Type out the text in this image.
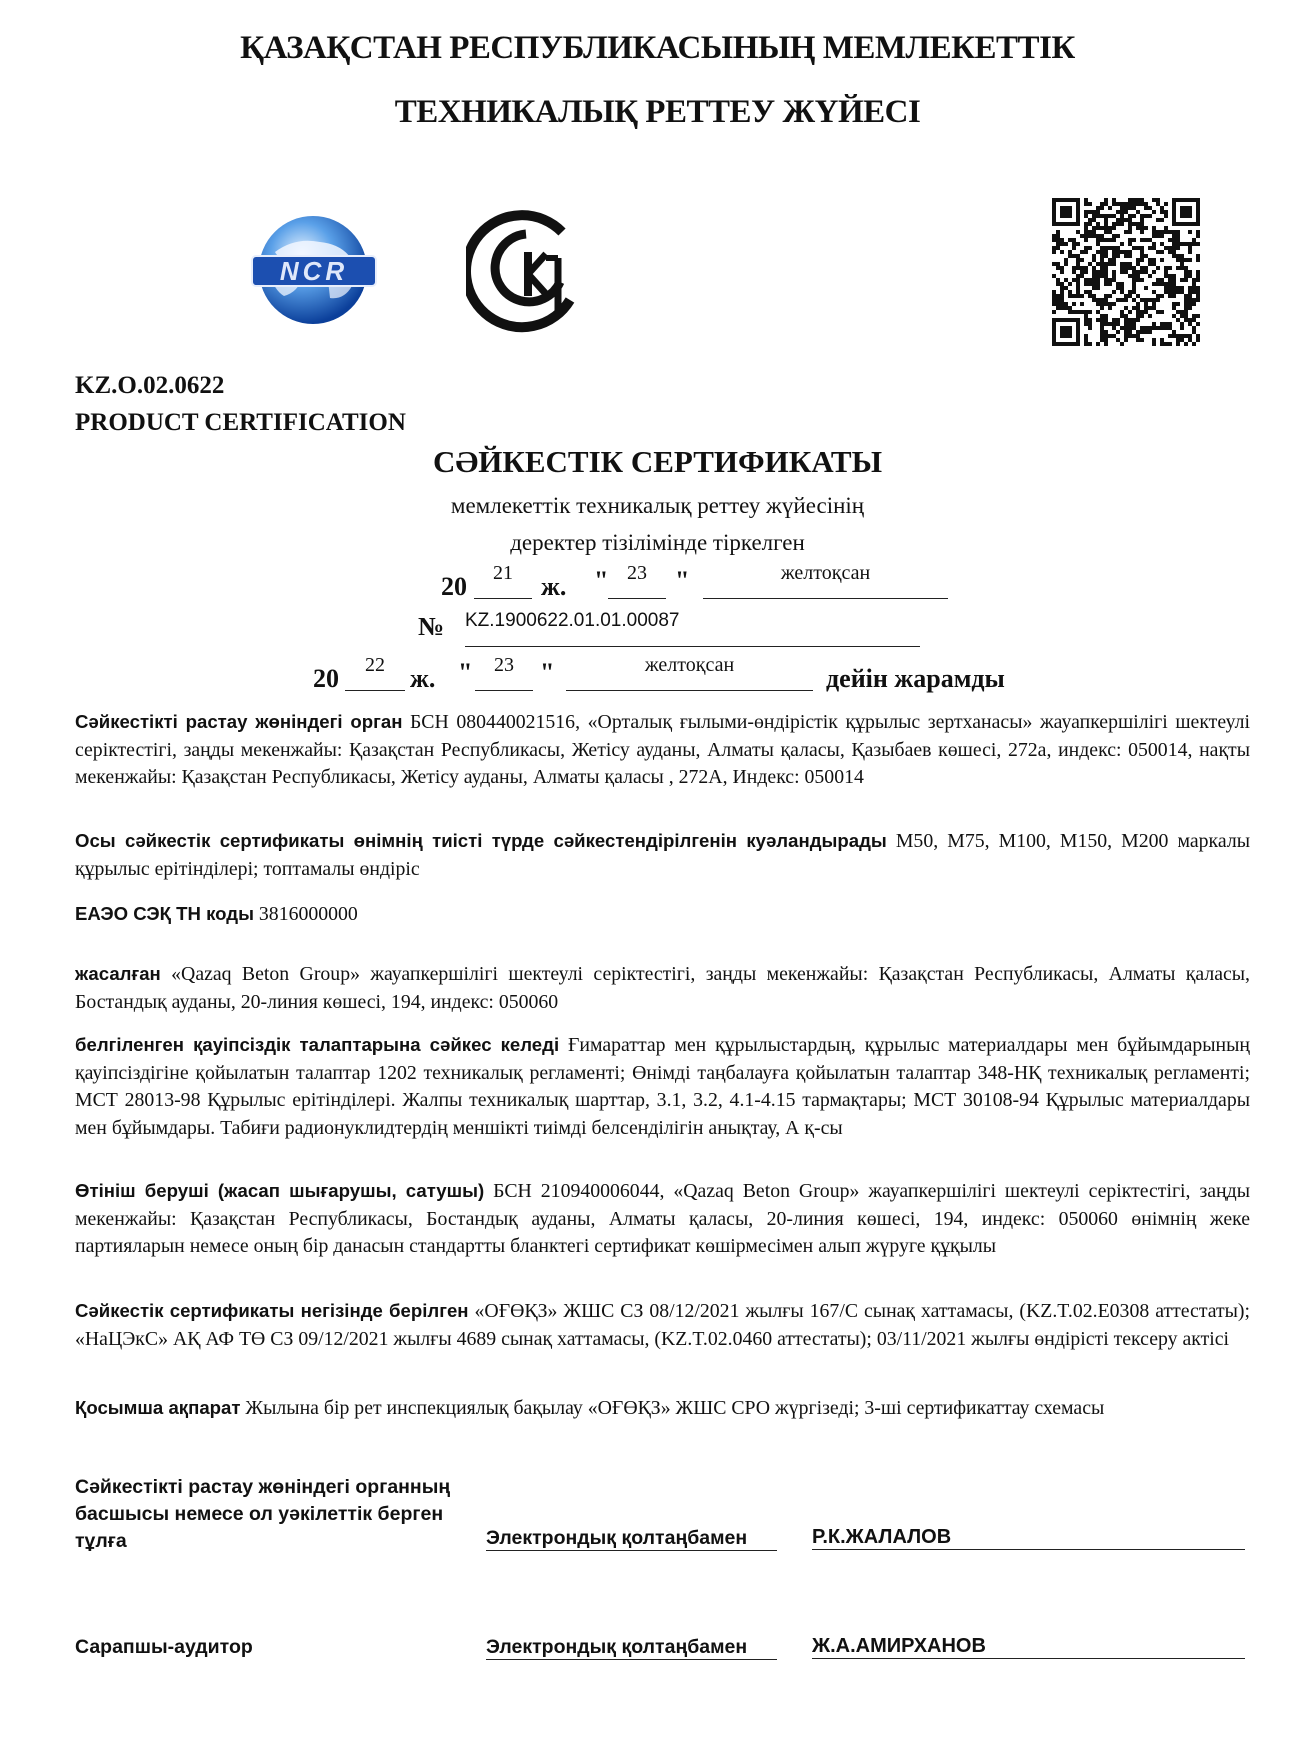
ҚАЗАҚСТАН РЕСПУБЛИКАСЫНЫҢ МЕМЛЕКЕТТІК
ТЕХНИКАЛЫҚ РЕТТЕУ ЖҮЙЕСІ
NCR
KZ.O.02.0622
PRODUCT CERTIFICATION
СӘЙКЕСТІК СЕРТИФИКАТЫ
мемлекеттік техникалық реттеу жүйесінің
деректер тізілімінде тіркелген
20	21	ж. " 23	"	желтоқсан
№ KZ.1900622.01.01.00087
20	22 ж. "	23	"	желтоқсан	дейін жарамды
Сәйкестікті растау жөніндегі орган БСН 080440021516, «Орталық ғылыми-өндірістік құрылыс зертханасы» жауапкершілігі шектеулі серіктестігі, заңды мекенжайы: Қазақстан Республикасы, Жетісу ауданы, Алматы қаласы, Қазыбаев көшесі, 272а, индекс: 050014, нақты мекенжайы: Қазақстан Республикасы, Жетісу ауданы, Алматы қаласы , 272А, Индекс: 050014
Осы сәйкестік сертификаты өнімнің тиісті түрде сәйкестендірілгенін куәландырады М50, М75, М100, М150, М200 маркалы құрылыс ерітінділері; топтамалы өндіріс
ЕАЭО СЭҚ ТН коды 3816000000
жасалған «Qazaq Beton Group» жауапкершілігі шектеулі серіктестігі, заңды мекенжайы: Қазақстан Республикасы, Алматы қаласы, Бостандық ауданы, 20-линия көшесі, 194, индекс: 050060
белгіленген қауіпсіздік талаптарына сәйкес келеді Ғимараттар мен құрылыстардың, құрылыс материалдары мен бұйымдарының қауіпсіздігіне қойылатын талаптар 1202 техникалық регламенті; Өнімді таңбалауға қойылатын талаптар 348-НҚ техникалық регламенті; МСТ 28013-98 Құрылыс ерітінділері. Жалпы техникалық шарттар, 3.1, 3.2, 4.1-4.15 тармақтары; МСТ 30108-94 Құрылыс материалдары мен бұйымдары. Табиғи радионуклидтердің меншікті тиімді белсенділігін анықтау, А қ-сы
Өтініш беруші (жасап шығарушы, сатушы) БСН 210940006044, «Qazaq Beton Group» жауапкершілігі шектеулі серіктестігі, заңды мекенжайы: Қазақстан Республикасы, Бостандық ауданы, Алматы қаласы, 20-линия көшесі, 194, индекс: 050060 өнімнің жеке партияларын немесе оның бір данасын стандартты бланктегі сертификат көшірмесімен алып жүруге құқылы
Сәйкестік сертификаты негізінде берілген «ОҒӨҚЗ» ЖШС СЗ 08/12/2021 жылғы 167/С сынақ хаттамасы, (KZ.T.02.E0308 аттестаты); «НаЦЭкС» АҚ АФ ТӨ СЗ 09/12/2021 жылғы 4689 сынақ хаттамасы, (KZ.T.02.0460 аттестаты); 03/11/2021 жылғы өндірісті тексеру актісі
Қосымша ақпарат Жылына бір рет инспекциялық бақылау «ОҒӨҚЗ» ЖШС СРО жүргізеді; 3-ші сертификаттау схемасы
Сәйкестікті растау жөніндегі органның
басшысы немесе ол уәкілеттік берген
тұлға	Электрондық қолтаңбамен	Р.К.ЖАЛАЛОВ
Сарапшы-аудитор	Электрондық қолтаңбамен	Ж.А.АМИРХАНОВ
